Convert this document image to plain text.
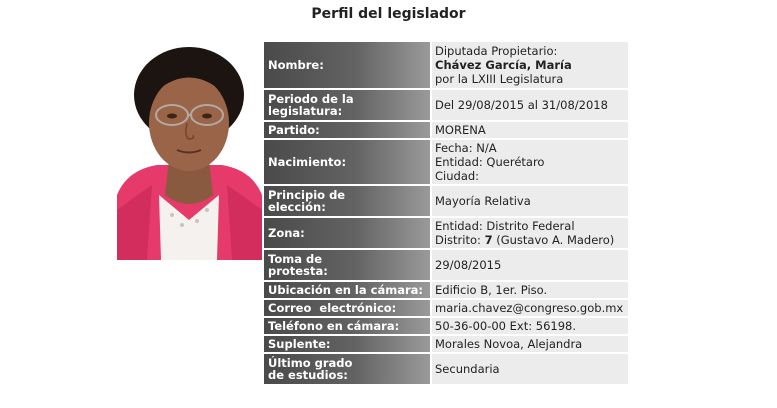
Perfil del legislador
Nombre:	Diputada Propietario:
Chávez García, María
por la LXIII Legislatura

Periodo de la
legislatura:	Del 29/08/2015 al 31/08/2018
Partido:	MORENA
Nacimiento:	Fecha: N/A
Entidad: Querétaro
Ciudad:

Principio de
elección:	Mayoría Relativa
Zona:	Entidad: Distrito Federal
Distrito: 7 (Gustavo A. Madero)

Toma de
protesta:	29/08/2015
Ubicación en la cámara:	Edificio B, 1er. Piso.
Correo  electrónico:	maria.chavez@congreso.gob.mx
Teléfono en cámara:	50-36-00-00 Ext: 56198.
Suplente:	Morales Novoa, Alejandra

Último grado
de estudios:	Secundaria
